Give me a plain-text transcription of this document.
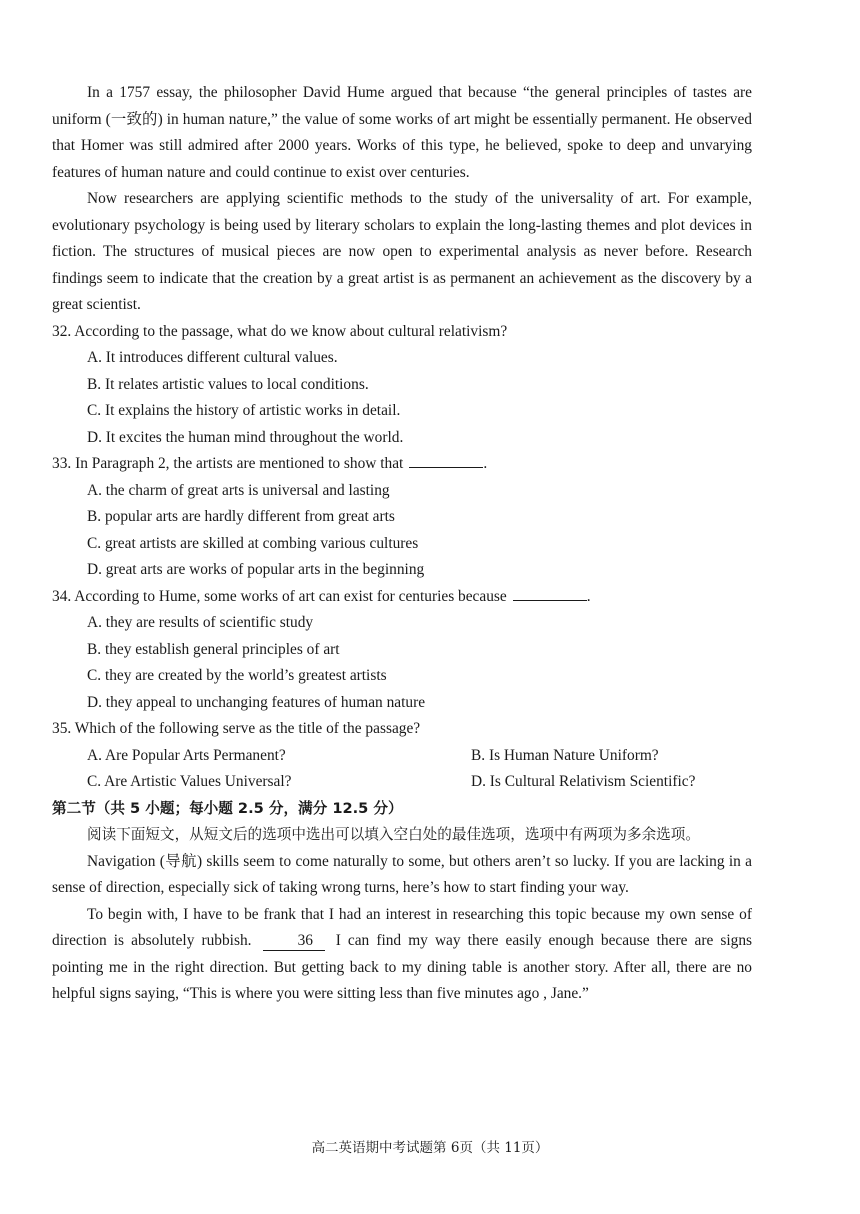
In a 1757 essay, the philosopher David Hume argued that because “the general principles of tastes are uniform (一致的) in human nature,” the value of some works of art might be essentially permanent. He observed that Homer was still admired after 2000 years. Works of this type, he believed, spoke to deep and unvarying features of human nature and could continue to exist over centuries.

Now researchers are applying scientific methods to the study of the universality of art. For example, evolutionary psychology is being used by literary scholars to explain the long-lasting themes and plot devices in fiction. The structures of musical pieces are now open to experimental analysis as never before. Research findings seem to indicate that the creation by a great artist is as permanent an achievement as the discovery by a great scientist.

32. According to the passage, what do we know about cultural relativism?

A. It introduces different cultural values.

B. It relates artistic values to local conditions.

C. It explains the history of artistic works in detail.

D. It excites the human mind throughout the world.

33. In Paragraph 2, the artists are mentioned to show that	.

A. the charm of great arts is universal and lasting

B. popular arts are hardly different from great arts

C. great artists are skilled at combing various cultures

D. great arts are works of popular arts in the beginning

34. According to Hume, some works of art can exist for centuries because	.

A. they are results of scientific study

B. they establish general principles of art

C. they are created by the world’s greatest artists

D. they appeal to unchanging features of human nature

35. Which of the following serve as the title of the passage?

A. Are Popular Arts Permanent?	B. Is Human Nature Uniform?
C. Are Artistic Values Universal?	D. Is Cultural Relativism Scientific?

第二节（共 5 小题；每小题 2.5 分，满分 12.5 分）

阅读下面短文，从短文后的选项中选出可以填入空白处的最佳选项，选项中有两项为多余选项。

Navigation (导航) skills seem to come naturally to some, but others aren’t so lucky. If you are lacking in a sense of direction, especially sick of taking wrong turns, here’s how to start finding your way.

To begin with, I have to be frank that I had an interest in researching this topic because my own sense of direction is absolutely rubbish.	36 I can find my way there easily enough because there are signs pointing me in the right direction. But getting back to my dining table is another story. After all, there are no helpful signs saying, “This is where you were sitting less than five minutes ago , Jane.”

高二英语期中考试题第 6页（共 11页）
